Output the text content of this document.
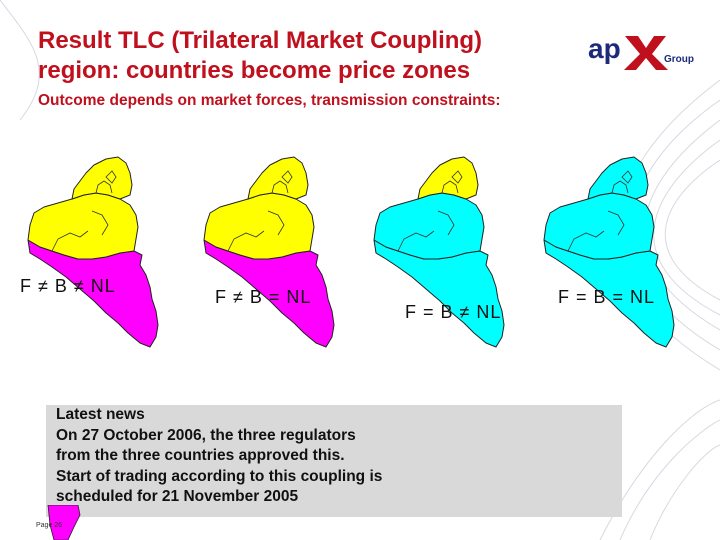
Result TLC (Trilateral Market Coupling)
region: countries become price zones
Outcome depends on market forces, transmission constraints:
ap	Group
F ≠ B ≠ NL
F ≠ B = NL
F = B ≠ NL
F = B = NL
Latest news
On 27 October 2006, the three regulators
from the three countries approved this.
Start of trading according to this coupling is
scheduled for 21 November 2005
Page 26
